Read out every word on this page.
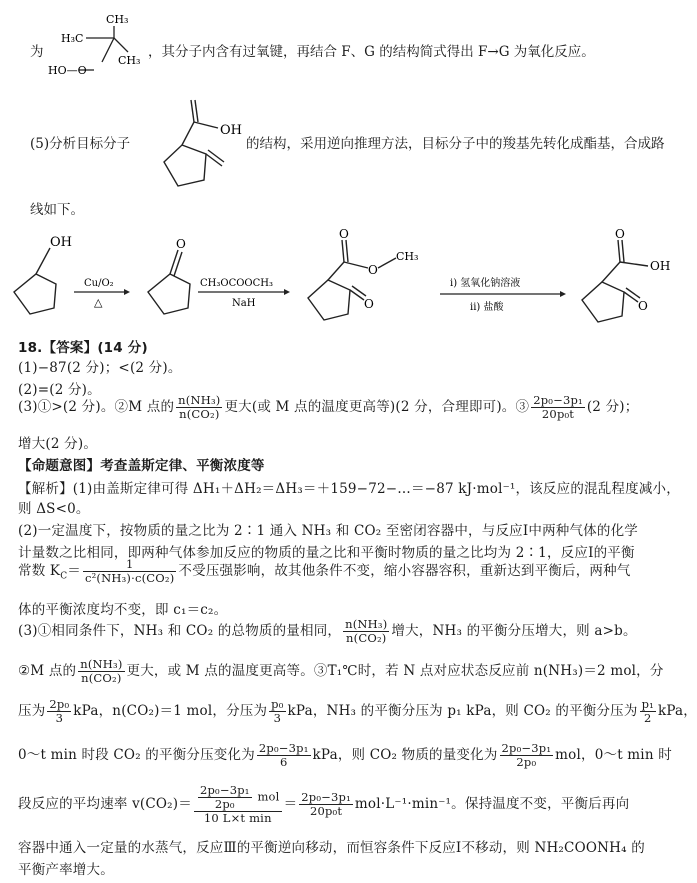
为
H₃C
CH₃
CH₃
HO—O
，其分子内含有过氧键，再结合 F、G 的结构简式得出 F→G 为氧化反应。
(5)分析目标分子
OH
的结构，采用逆向推理方法，目标分子中的羧基先转化成酯基，合成路
线如下。
OH
Cu/O₂
△
O
CH₃OCOOCH₃
NaH
O
O
CH₃
O
i) 氢氧化钠溶液
ii) 盐酸
O
OH
O
18.【答案】(14 分)
(1)−87(2 分)；<(2 分)。
(2)=(2 分)。
(3)①>(2 分)。②M 点的 $\frac{\text{n(NH₃)}}{\text{n(CO₂)}}$ 更大(或 M 点的温度更高等)(2 分，合理即可)。③ $\frac{\text{2p₀−3p₁}}{\text{20p₀t}} (2$ 分)；
增大(2 分)。
【命题意图】考查盖斯定律、平衡浓度等
【解析】(1)由盖斯定律可得 ΔH₁＋ΔH₂＝ΔH₃＝＋159−72−…＝−87 kJ·mol⁻¹，该反应的混乱程度减小，
则 ΔS<0。
(2)一定温度下，按物质的量之比为 2∶1 通入 NH₃ 和 CO₂ 至密闭容器中，与反应Ⅰ中两种气体的化学
计量数之比相同，即两种气体参加反应的物质的量之比和平衡时物质的量之比均为 2∶1，反应Ⅰ的平衡
常数 $K_C= \frac{1}{\text{c²(NH₃)·c(CO₂)}}$ 不受压强影响，故其他条件不变，缩小容器容积，重新达到平衡后，两种气
体的平衡浓度均不变，即 c₁＝c₂。
(3)①相同条件下，NH₃ 和 CO₂ 的总物质的量相同， $\frac{\text{n(NH₃)}}{\text{n(CO₂)}}$ 增大，NH₃ 的平衡分压增大，则 a>b。
②M 点的 $\frac{\text{n(NH₃)}}{\text{n(CO₂)}}$ 更大，或 M 点的温度更高等。③T₁℃时，若 N 点对应状态反应前 n(NH₃)＝2 mol，分
压为 $\frac{\text{2p₀}}{3}$ kPa，n(CO₂)＝1 mol，分压为 $\frac{\text{p₀}}{3}$ kPa，NH₃ 的平衡分压为 p₁ kPa，则 CO₂ 的平衡分压为 $\frac{\text{p₁}}{2}$ kPa，
0～t min 时段 CO₂ 的平衡分压变化为 $\frac{\text{2p₀−3p₁}}{6}$ kPa，则 CO₂ 物质的量变化为 $\frac{\text{2p₀−3p₁}}{\text{2p₀}}$ mol，0～t min 时
段反应的平均速率 $v(CO_2)= \frac{\frac{\text{2p₀−3p₁}}{\text{2p₀}} mol}{\text{10 L×t min}} = \frac{\text{2p₀−3p₁}}{\text{20p₀t}} mol\cdot L^{-1}\cdot\min^{-1}$。保持温度不变，平衡后再向
容器中通入一定量的水蒸气，反应Ⅲ的平衡逆向移动，而恒容条件下反应Ⅰ不移动，则 NH₂COONH₄ 的
平衡产率增大。
